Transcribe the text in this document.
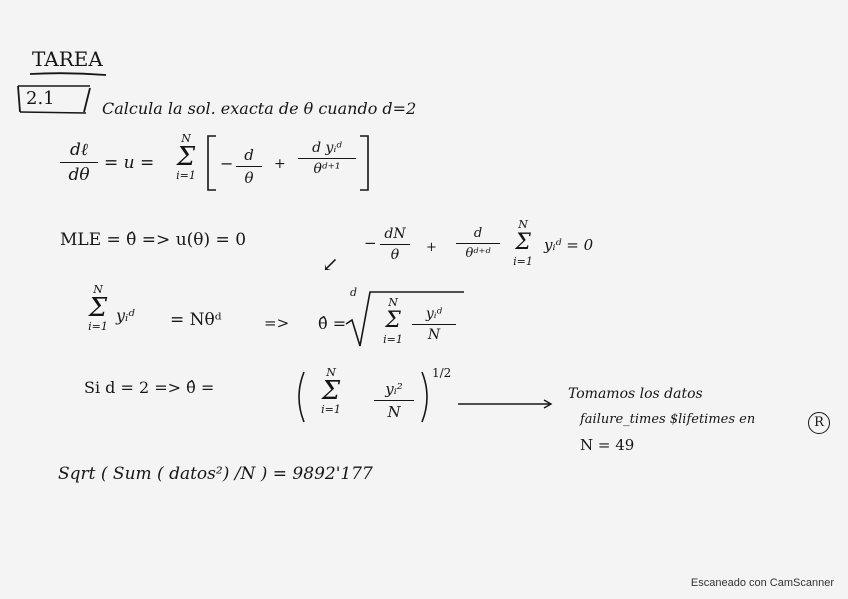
TAREA
2.1	Calcula la sol. exacta de θ cuando d=2
dℓ
dθ
= u =
N
Σ
i=1
− d
θ
+
d yᵢᵈ
θᵈ⁺¹
MLE = θ̂ => u(θ) = 0
↙
− dN
θ	+
d
θᵈ⁺ᵈ
N
Σ
i=1
yᵢᵈ = 0
N
Σ
i=1
yᵢᵈ = Nθᵈ	=> θ̂ =
d
N
Σ
i=1
yᵢᵈ
N
Si d = 2 => θ̂ =
N
Σ
i=1
yᵢ²
N
1/2
Tomamos los datos
failure_times $lifetimes en	R
N = 49
Sqrt ( Sum ( datos²) /N ) = 9892'177
Escaneado con CamScanner
